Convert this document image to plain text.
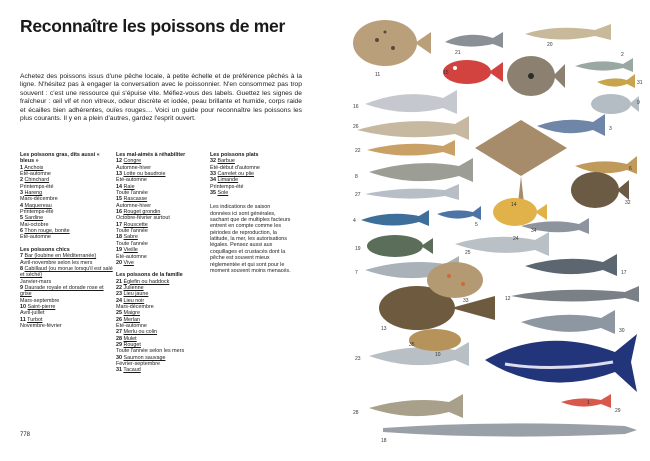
Reconnaître les poissons de mer
Achetez des poissons issus d'une pêche locale, à petite échelle et de préférence pêchés à la ligne. N'hésitez pas à engager la conversation avec le poissonnier. N'en consommez pas trop souvent : c'est une ressource qui s'épuise vite. Méfiez-vous des labels. Guettez les signes de fraîcheur : œil vif et non vitreux, odeur discrète et iodée, peau brillante et humide, corps raide et écailles bien adhérentes, ouïes rouges… Voici un guide pour reconnaître les poissons les plus courants. Il y en a plein d'autres, gardez l'esprit ouvert.
Les poissons gras, dits aussi « bleus »
1 Anchois
Été-automne
2 Chinchard
Printemps-été
3 Hareng
Mars-décembre
4 Maquereau
Printemps-été
5 Sardine
Mai-octobre
6 Thon rouge, bonite
Été-automne
Les poissons chics
7 Bar (loubine en Méditerranée)
Avril-novembre selon les mers
8 Cabillaud (ou morue lorsqu'il est salé et séché)
Janvier-mars
9 Daurade royale et dorade rose et grise
Mars-septembre
10 Saint-pierre
Avril-juillet
11 Turbot
Novembre-février
Les mal-aimés à réhabiliter
12 Congre
Automne-hiver
13 Lotte ou baudroie
Été-automne
14 Raie
Toute l'année
15 Rascasse
Automne-hiver
16 Rouget grondin
Octobre-février surtout
17 Rouscette
Toute l'année
18 Sabre
Toute l'année
19 Vieille
Été-automne
20 Vive
Les poissons de la famille
21 Églefin ou haddock
22 Julienne
23 Lieu jaune
24 Lieu noir
Mars-décembre
25 Maigre
26 Merlan
Été-automne
27 Merlu ou colin
28 Mulet
29 Rouget
Toute l'année selon les mers
30 Saumon sauvage
Février-septembre
31 Tacaud
Les poissons plats
32 Barbue
Été-début d'automne
33 Carrelet ou plie
34 Limande
Printemps-été
35 Sole
Les indications de saison données ici sont générales, sachant que de multiples facteurs entrent en compte comme les périodes de reproduction, la latitude, la mer, les autorisations légales. Pensez aussi aux coquillages et crustacés dont la pêche est souvent mieux réglementée et qui sont pour le moment souvent moins menacés.
778
11
21
20
15
2
31
9
16
26	3
22
8
27
14
6
4
5
34
13
24
19
25
7
12
17
23
33
30
10
18
35
28	29
32
1
